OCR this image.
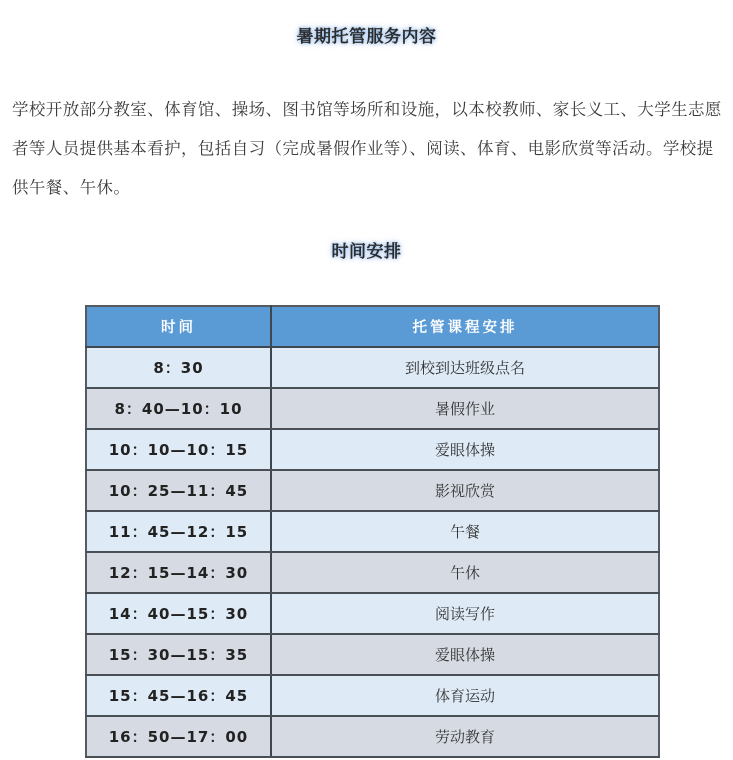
暑期托管服务内容
学校开放部分教室、体育馆、操场、图书馆等场所和设施，以本校教师、家长义工、大学生志愿者等人员提供基本看护，包括自习（完成暑假作业等）、阅读、体育、电影欣赏等活动。学校提供午餐、午休。
时间安排
时间	托管课程安排
8：30	到校到达班级点名
8：40—10：10	暑假作业
10：10—10：15	爱眼体操
10：25—11：45	影视欣赏
11：45—12：15	午餐
12：15—14：30	午休
14：40—15：30	阅读写作
15：30—15：35	爱眼体操
15：45—16：45	体育运动
16：50—17：00	劳动教育
